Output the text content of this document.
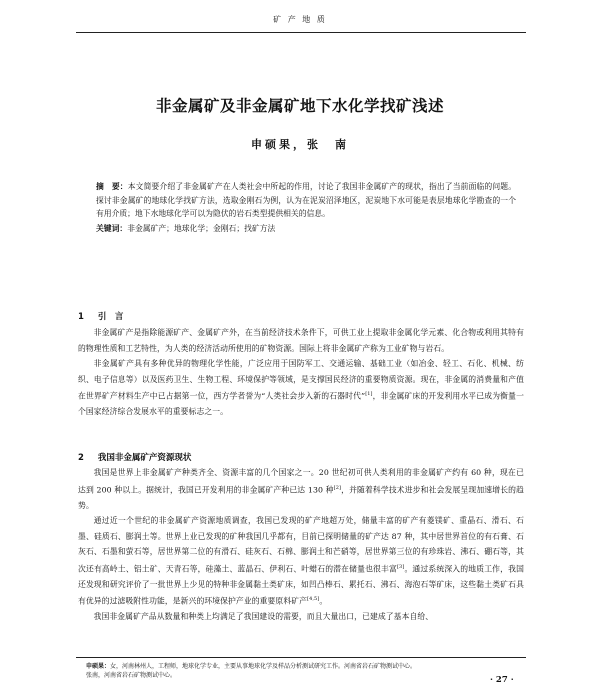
矿 产 地 质
非金属矿及非金属矿地下水化学找矿浅述
申硕果，张　南
摘　要：本文简要介绍了非金属矿产在人类社会中所起的作用，讨论了我国非金属矿产的现状，指出了当前面临的问题。探讨非金属矿的地球化学找矿方法，选取金刚石为例，认为在泥炭沼泽地区，泥炭地下水可能是表层地球化学勘查的一个有用介质；地下水地球化学可以为隐伏的岩石类型提供相关的信息。
关键词：非金属矿产；地球化学；金刚石；找矿方法
1 引　言

非金属矿产是指除能源矿产、金属矿产外，在当前经济技术条件下，可供工业上提取非金属化学元素、化合物或利用其特有的物理性质和工艺特性，为人类的经济活动所使用的矿物资源。国际上将非金属矿产称为工业矿物与岩石。

非金属矿产具有多种优异的物理化学性能，广泛应用于国防军工、交通运输、基础工业（如冶金、轻工、石化、机械、纺织、电子信息等）以及医药卫生、生物工程、环境保护等领域，是支撑国民经济的重要物质资源。现在，非金属的消费量和产值在世界矿产材料生产中已占据第一位，西方学者誉为“人类社会步入新的石器时代”[1]，非金属矿床的开发利用水平已成为衡量一个国家经济综合发展水平的重要标志之一。

2 我国非金属矿产资源现状

我国是世界上非金属矿产种类齐全、资源丰富的几个国家之一。20 世纪初可供人类利用的非金属矿产约有 60 种，现在已达到 200 种以上。据统计，我国已开发利用的非金属矿产种已达 130 种[2]，并随着科学技术进步和社会发展呈现加速增长的趋势。

通过近一个世纪的非金属矿产资源地质调查，我国已发现的矿产地超万处，储量丰富的矿产有菱镁矿、重晶石、滑石、石墨、硅质石、膨润土等。世界上业已发现的矿种我国几乎都有，目前已探明储量的矿产达 87 种，其中居世界首位的有石膏、石灰石、石墨和萤石等，居世界第二位的有滑石、硅灰石、石棉、膨润土和芒硝等，居世界第三位的有珍珠岩、沸石、硼石等，其次还有高岭土、铝土矿、天青石等，硅藻土、蓝晶石、伊利石、叶蜡石的潜在储量也很丰富[3]。通过系统深入的地质工作，我国还发现和研究评价了一批世界上少见的特种非金属黏土类矿床，如凹凸棒石、累托石、沸石、海泡石等矿床，这些黏土类矿石具有优异的过滤吸附性功能，是新兴的环境保护产业的重要原料矿产[4,5]。

我国非金属矿产品从数量和种类上均满足了我国建设的需要，而且大量出口，已建成了基本自给、

申硕果：女，河南林州人，工程师，地球化学专业，主要从事地球化学及样品分析测试研究工作。河南省岩石矿物测试中心。
张南，河南省岩石矿物测试中心。	· 27 ·
